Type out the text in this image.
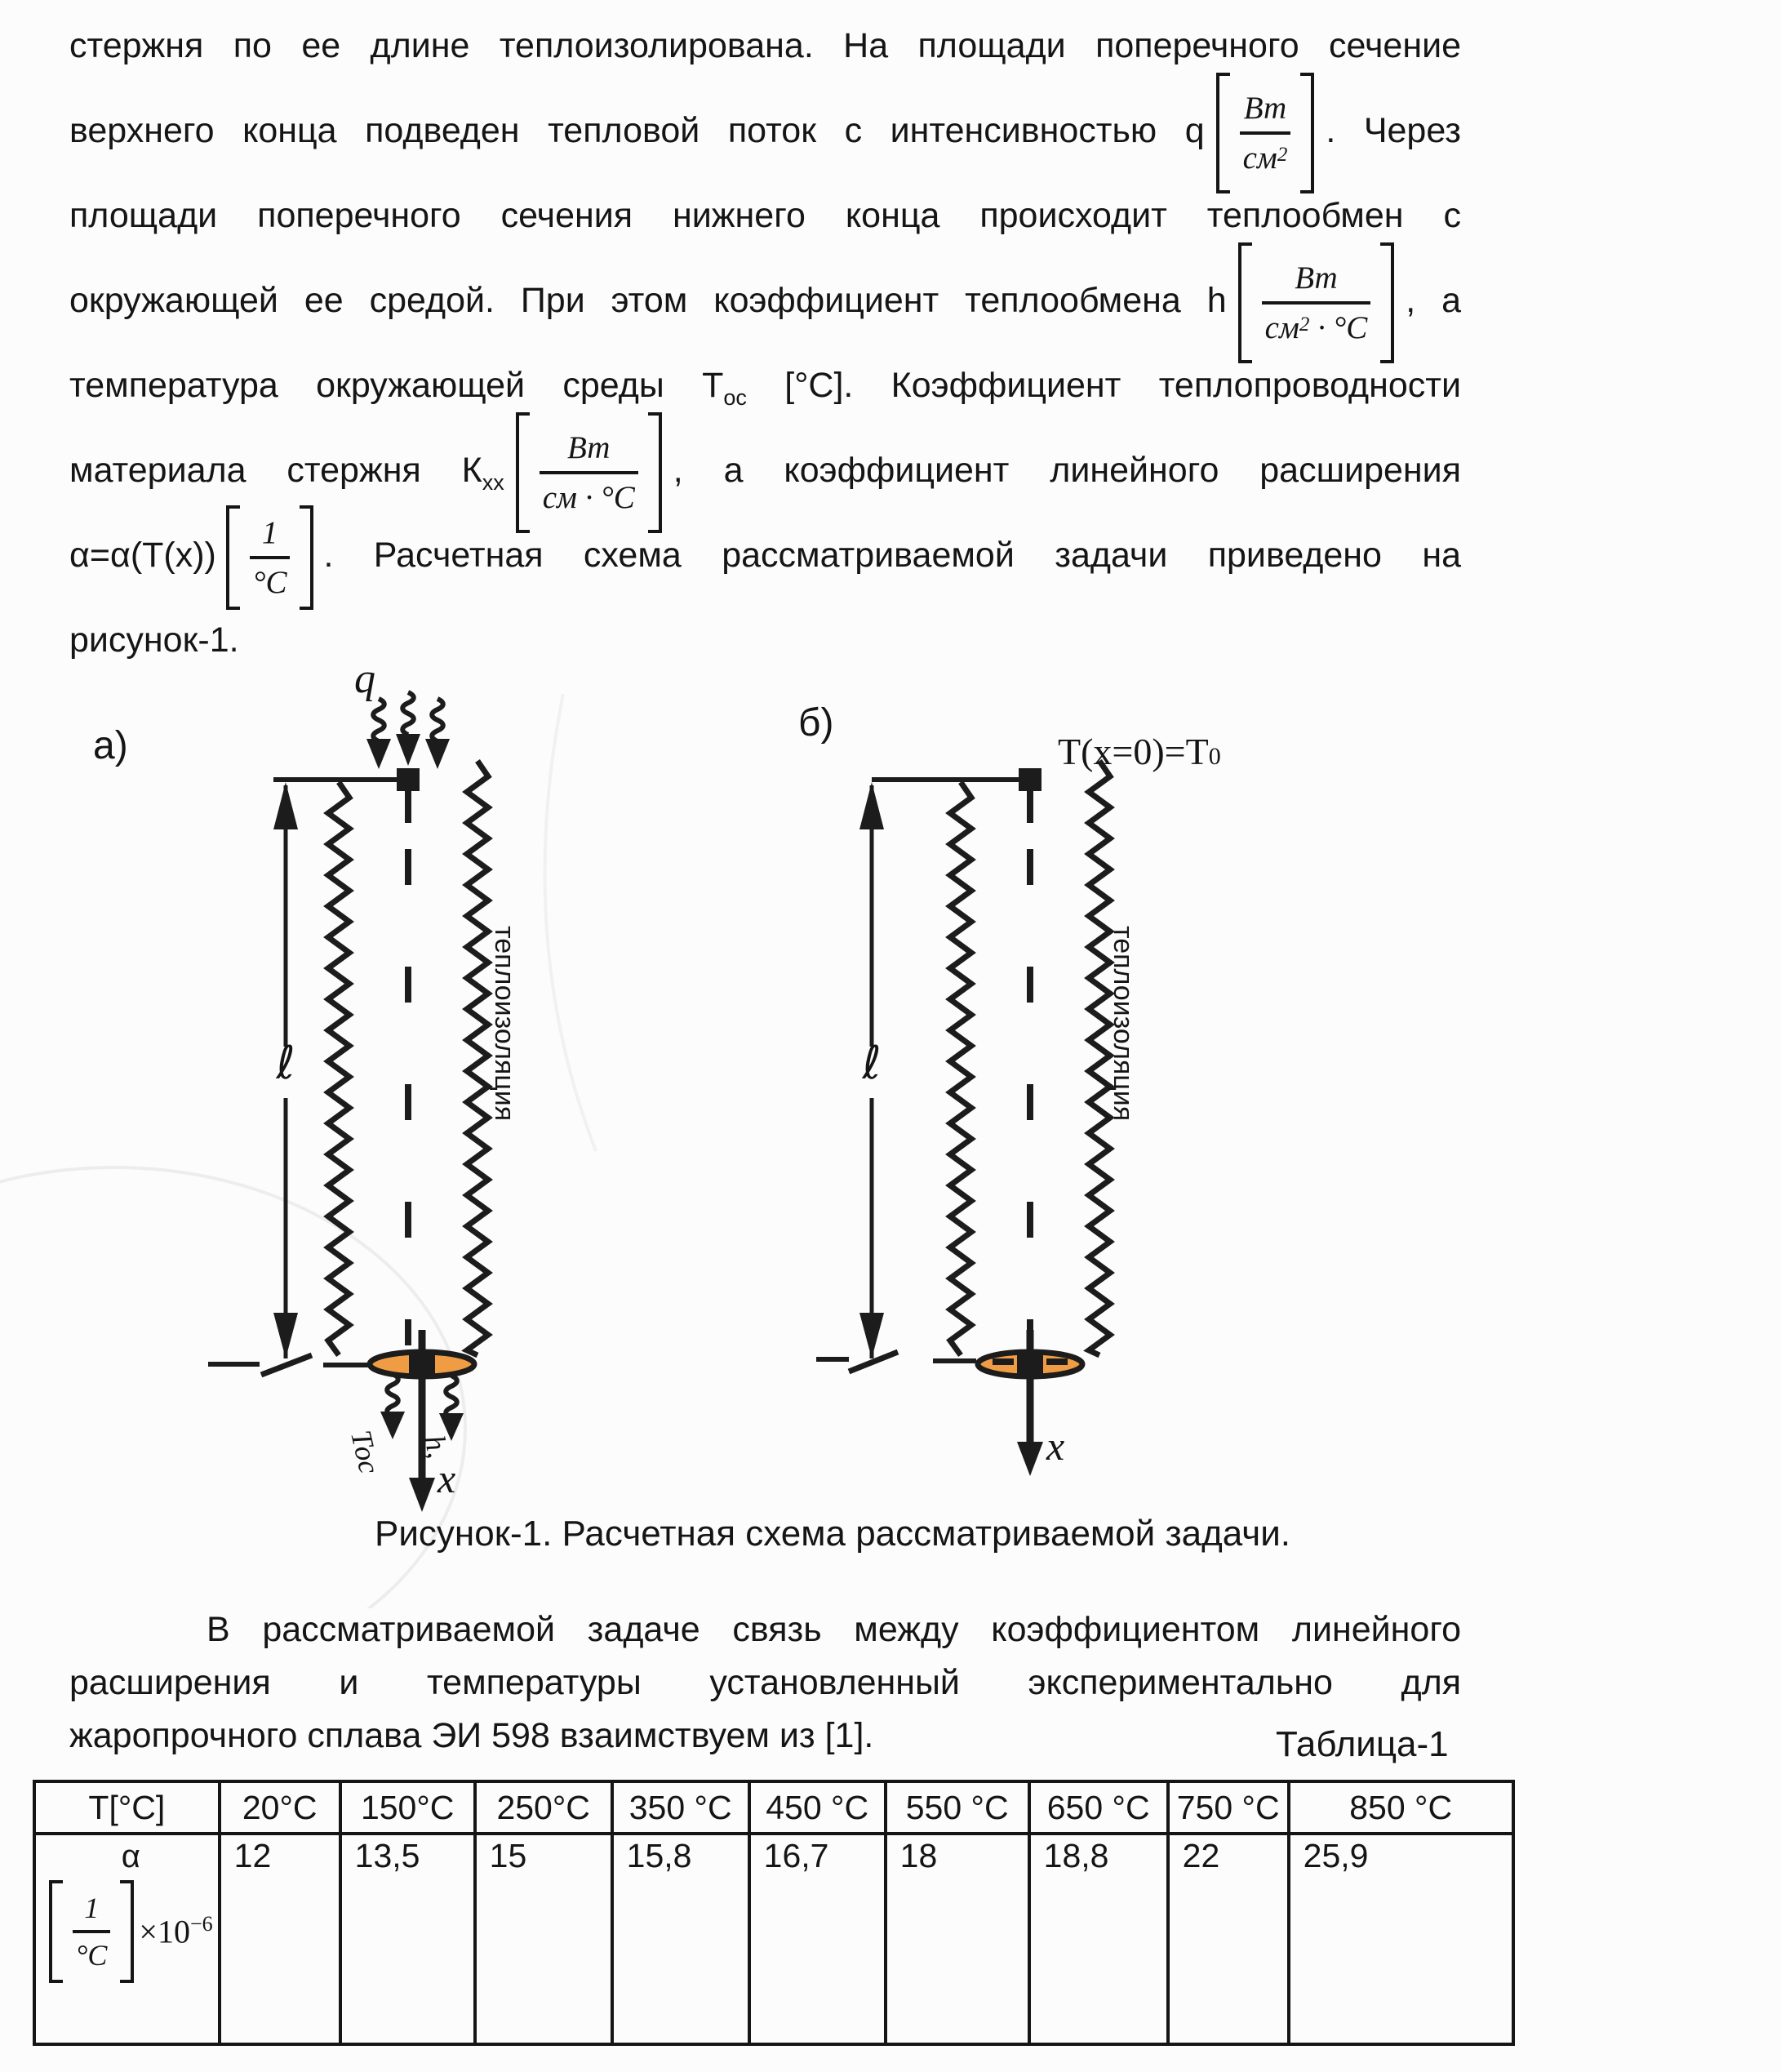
стержня по ее длине теплоизолирована. На площади поперечного сечение
верхнего конца подведен тепловой поток с интенсивностью q $\frac{Вт}{см^2}$ . Через
площади поперечного сечения нижнего конца происходит теплообмен с
окружающей ее средой. При этом коэффициент теплообмена h $\frac{Вт}{см^2 \cdot ^\circ С}$ , а
температура окружающей среды $Т_{ос}$ [°С]. Коэффициент теплопроводности
материала стержня $К_{хх} \frac{Вт}{см \cdot ^\circ С}$ , а коэффициент линейного расширения
$\alpha=\alpha(Т(х)) \frac{1}{^\circ С}$ . Расчетная схема рассматриваемой задачи приведено на
рисунок-1.
а)
q
б)
T(x=0)=T0
ℓ	ℓ
теплоизоляция	теплоизоляция
Тос h,
x
x
Рисунок-1. Расчетная схема рассматриваемой задачи.
В рассматриваемой задаче связь между коэффициентом линейного
расширения и температуры установленный экспериментально для
жаропрочного сплава ЭИ 598 взаимствуем из [1].	Таблица-1
Т[°С]	20°С	150°С	250°С	350 °С	450 °С	550 °С	650 °С	750 °С	850 °С

α
$\frac{1}{^\circ С} \times 10^{-6}$	12	13,5	15	15,8	16,7	18	18,8	22	25,9
